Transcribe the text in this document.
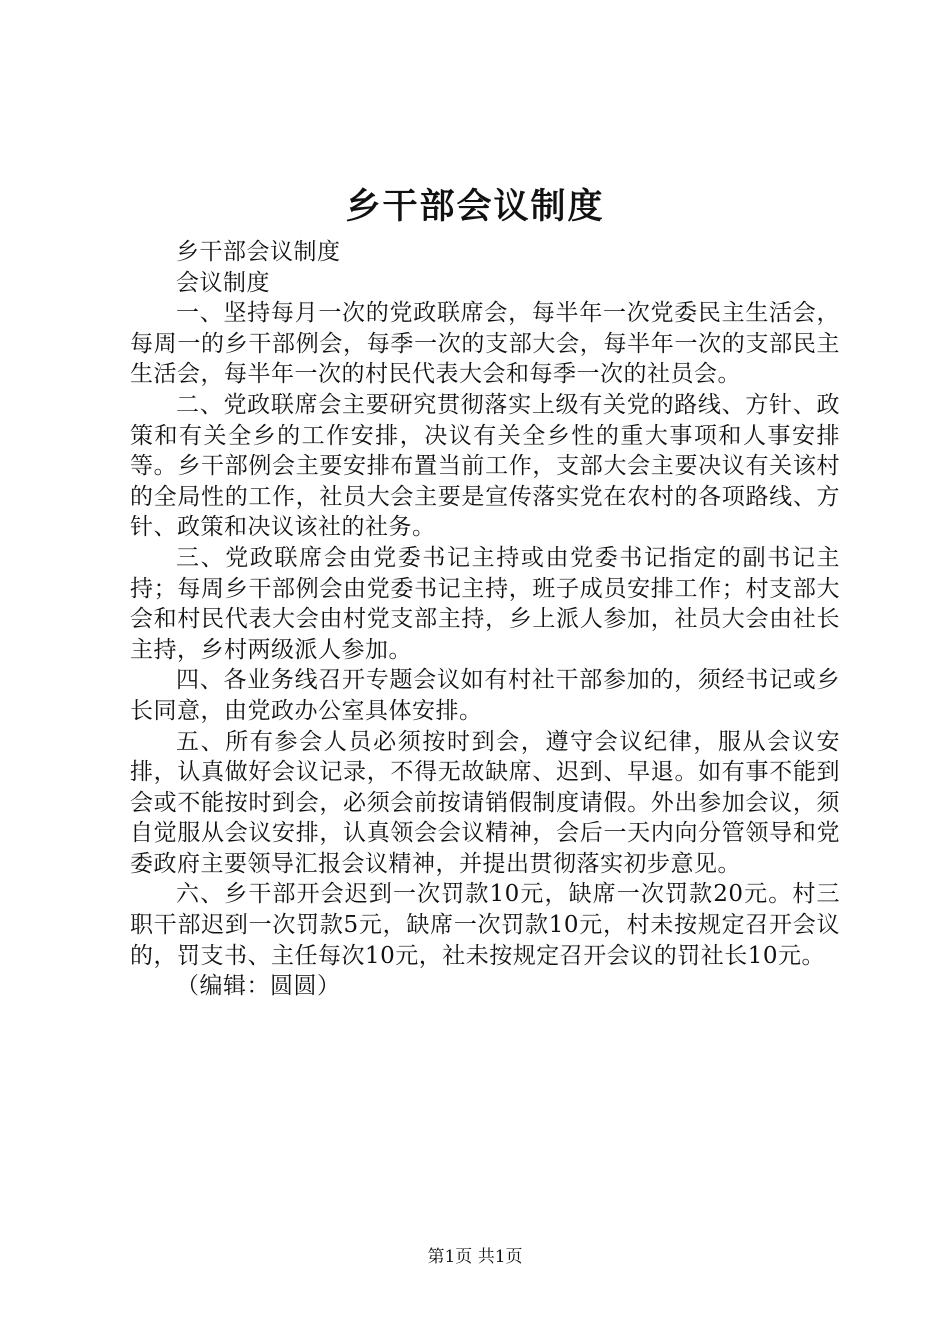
乡干部会议制度

乡干部会议制度

会议制度

一、坚持每月一次的党政联席会，每半年一次党委民主生活会，每周一的乡干部例会，每季一次的支部大会，每半年一次的支部民主生活会，每半年一次的村民代表大会和每季一次的社员会。

二、党政联席会主要研究贯彻落实上级有关党的路线、方针、政策和有关全乡的工作安排，决议有关全乡性的重大事项和人事安排等。乡干部例会主要安排布置当前工作，支部大会主要决议有关该村的全局性的工作，社员大会主要是宣传落实党在农村的各项路线、方针、政策和决议该社的社务。

三、党政联席会由党委书记主持或由党委书记指定的副书记主持；每周乡干部例会由党委书记主持，班子成员安排工作；村支部大会和村民代表大会由村党支部主持，乡上派人参加，社员大会由社长主持，乡村两级派人参加。

四、各业务线召开专题会议如有村社干部参加的，须经书记或乡长同意，由党政办公室具体安排。

五、所有参会人员必须按时到会，遵守会议纪律，服从会议安排，认真做好会议记录，不得无故缺席、迟到、早退。如有事不能到会或不能按时到会，必须会前按请销假制度请假。外出参加会议，须自觉服从会议安排，认真领会会议精神，会后一天内向分管领导和党委政府主要领导汇报会议精神，并提出贯彻落实初步意见。

六、乡干部开会迟到一次罚款10元，缺席一次罚款20元。村三职干部迟到一次罚款5元，缺席一次罚款10元，村未按规定召开会议的，罚支书、主任每次10元，社未按规定召开会议的罚社长10元。

（编辑：圆圆）

第1页 共1页
